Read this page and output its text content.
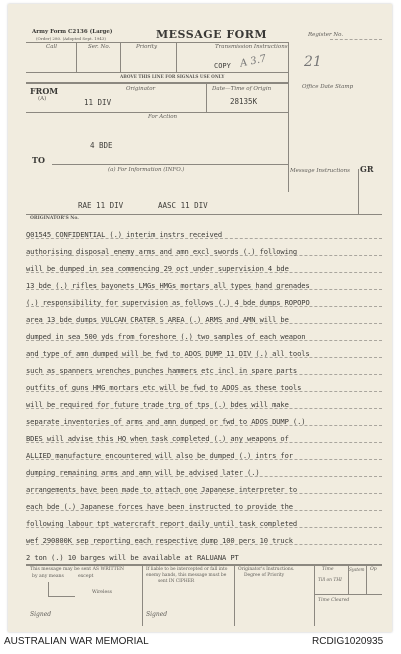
Army Form C2136 (Large)
(Order) 280. (Adopted Sept. 1943)	MESSAGE FORM	Register No.
Call	Ser. No.	Priority	Transmission Instructions
ABOVE THIS LINE FOR SIGNALS USE ONLY
COPY A 3.7	21
Office Date Stamp
FROM
(A)
Originator	Date—Time of Origin
11 DIV	28135K
For Action
4 BDE
TO
(a) For Information (INFO.)
RAE 11 DIV	AASC 11 DIV
Message Instructions GR
ORIGINATOR'S No.
Q01545 CONFIDENTIAL (.) interim instrs received
authorising disposal enemy arms and amn excl swords (.) following
will be dumped in sea commencing 29 oct under supervision 4 bde
13 bde (.) rifles bayonets LMGs HMGs mortars all types hand grenades
(.) responsibility for supervision as follows (.) 4 bde dumps ROPOPO
area 13 bde dumps VULCAN CRATER S AREA (.) ARMS and AMN will be
dumped in sea 500 yds from foreshore (.) two samples of each weapon
and type of amn dumped will be fwd to ADOS DUMP 11 DIV (.) all tools
such as spanners wrenches punches hammers etc incl in spare parts
outfits of guns HMG mortars etc will be fwd to ADOS as these tools
will be required for future trade trg of tps (.) bdes will make
separate inventories of arms and amn dumped or fwd to ADOS DUMP (.)
BDES will advise this HQ when task completed (.) any weapons of
ALLIED manufacture encountered will also be dumped (.) intrs for
dumping remaining arms and amn will be advised later (.)
arrangements have been made to attach one Japanese interpreter to
each bde (.) Japanese forces have been instructed to provide the
following labour tpt watercraft report daily until task completed
wef 290800K sep reporting each respective dump 100 pers 10 truck
2 ton (.) 10 barges will be available at RALUANA PT
This message may be sent AS WRITTEN
by any means	except
Wireless
Signed
If liable to be intercepted or fall into
enemy hands, this message must be
sent IN CIPHER
Signed
Originator's Instructions.
Degree of Priority
Time	System Op
Till on THI
Time Cleared
AUSTRALIAN WAR MEMORIAL	RCDIG1020935
